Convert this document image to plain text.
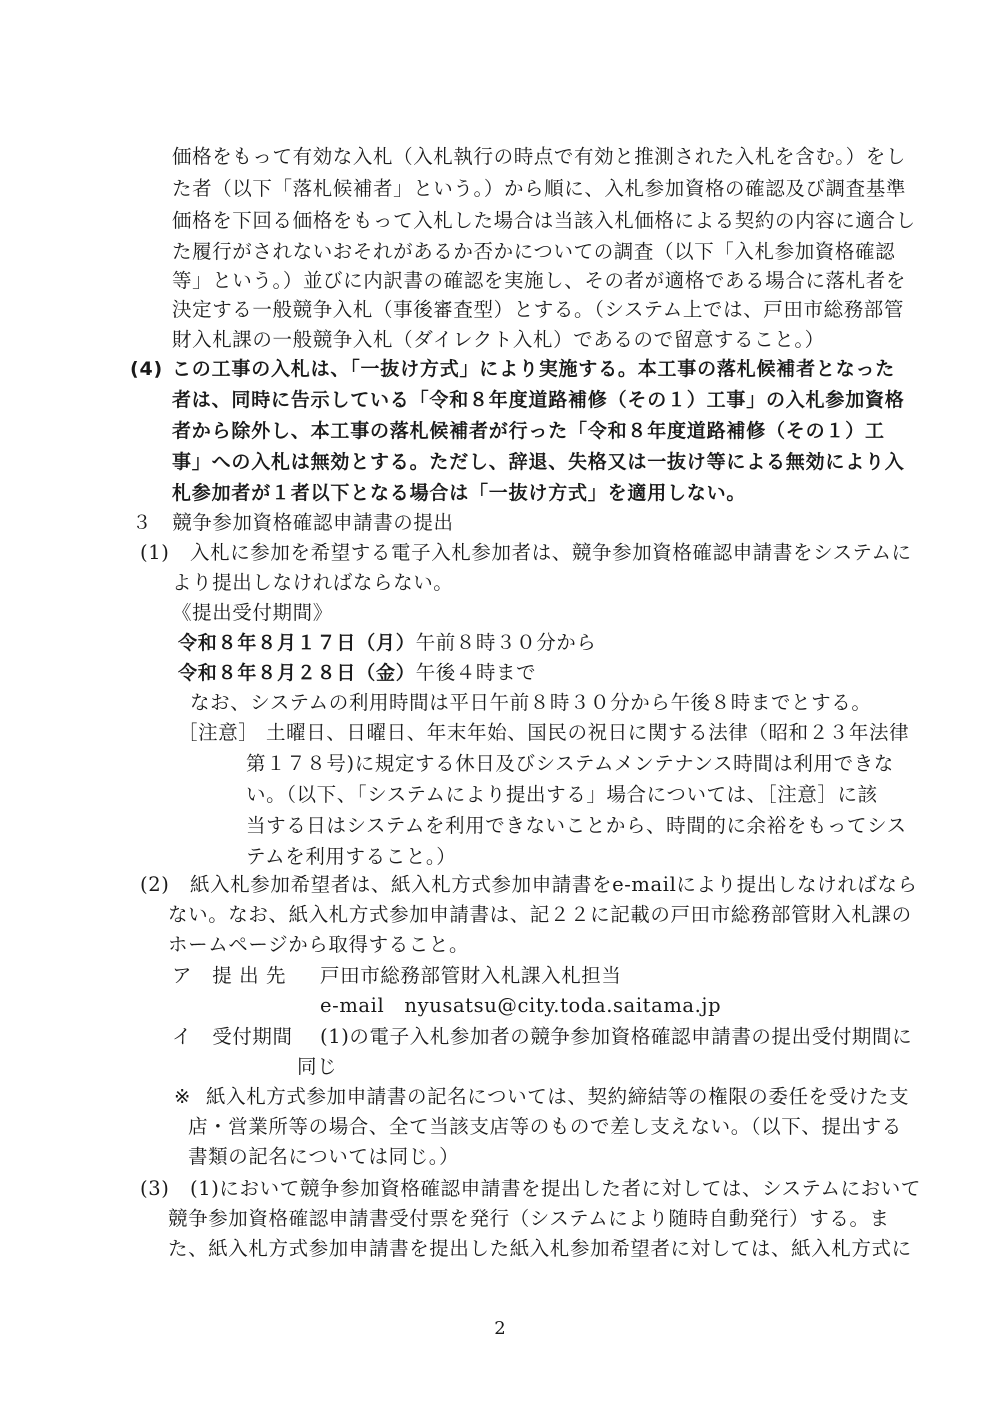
価格をもって有効な入札（入札執行の時点で有効と推測された入札を含む。）をし
た者（以下「落札候補者」という。）から順に、入札参加資格の確認及び調査基準
価格を下回る価格をもって入札した場合は当該入札価格による契約の内容に適合し
た履行がされないおそれがあるか否かについての調査（以下「入札参加資格確認
等」という。）並びに内訳書の確認を実施し、その者が適格である場合に落札者を
決定する一般競争入札（事後審査型）とする。（システム上では、戸田市総務部管
財入札課の一般競争入札（ダイレクト入札）であるので留意すること。）
(4) この工事の入札は、「一抜け方式」により実施する。本工事の落札候補者となった
者は、同時に告示している「令和８年度道路補修（その１）工事」の入札参加資格
者から除外し、本工事の落札候補者が行った「令和８年度道路補修（その１）工
事」への入札は無効とする。ただし、辞退、失格又は一抜け等による無効により入
札参加者が１者以下となる場合は「一抜け方式」を適用しない。
３　競争参加資格確認申請書の提出
(1) 入札に参加を希望する電子入札参加者は、競争参加資格確認申請書をシステムに
より提出しなければならない。
《提出受付期間》
令和８年８月１７日（月）午前８時３０分から
令和８年８月２８日（金）午後４時まで
なお、システムの利用時間は平日午前８時３０分から午後８時までとする。
［注意］ 土曜日、日曜日、年末年始、国民の祝日に関する法律（昭和２３年法律
第１７８号)に規定する休日及びシステムメンテナンス時間は利用できな
い。（以下、「システムにより提出する」場合については、［注意］に該
当する日はシステムを利用できないことから、時間的に余裕をもってシス
テムを利用すること。）
(2) 紙入札参加希望者は、紙入札方式参加申請書をe-mailにより提出しなければなら
ない。なお、紙入札方式参加申請書は、記２２に記載の戸田市総務部管財入札課の
ホームページから取得すること。
ア　提 出 先 戸田市総務部管財入札課入札担当
e-mail　nyusatsu@city.toda.saitama.jp
イ　受付期間 (1)の電子入札参加者の競争参加資格確認申請書の提出受付期間に
同じ
※ 紙入札方式参加申請書の記名については、契約締結等の権限の委任を受けた支
店・営業所等の場合、全て当該支店等のもので差し支えない。（以下、提出する
書類の記名については同じ。）
(3) (1)において競争参加資格確認申請書を提出した者に対しては、システムにおいて
競争参加資格確認申請書受付票を発行（システムにより随時自動発行）する。ま
た、紙入札方式参加申請書を提出した紙入札参加希望者に対しては、紙入札方式に
2
